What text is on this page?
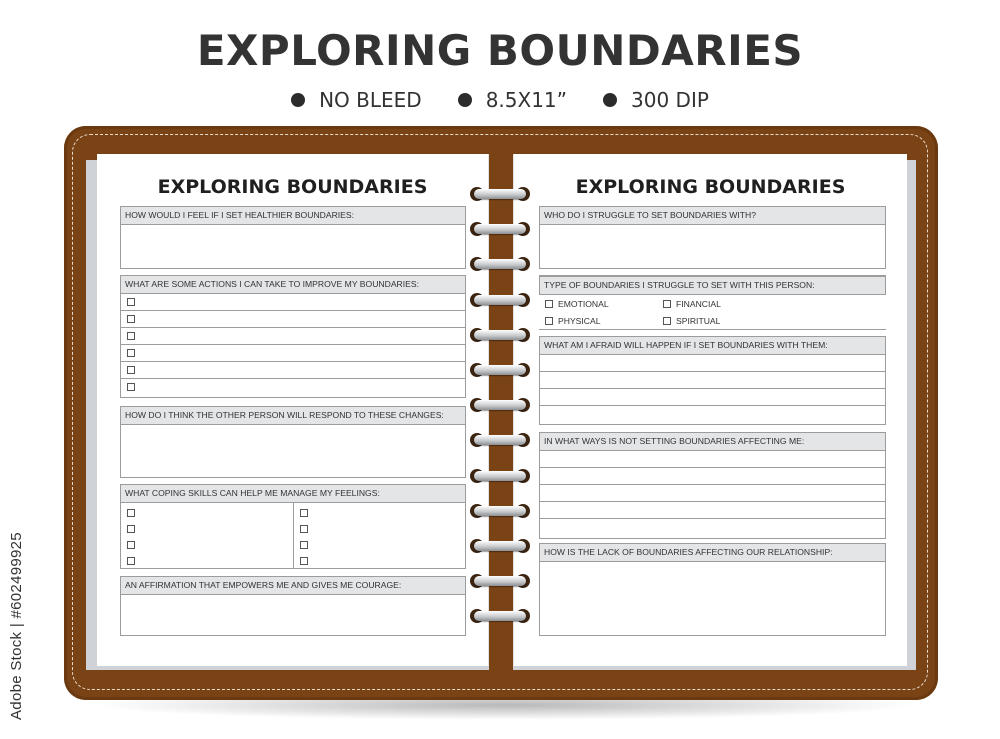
EXPLORING BOUNDARIES
NO BLEED	8.5X11”	300 DIP
EXPLORING BOUNDARIES
HOW WOULD I FEEL IF I SET HEALTHIER BOUNDARIES:
WHAT ARE SOME ACTIONS I CAN TAKE TO IMPROVE MY BOUNDARIES:
HOW DO I THINK THE OTHER PERSON WILL RESPOND TO THESE CHANGES:
WHAT COPING SKILLS CAN HELP ME MANAGE MY FEELINGS:
AN AFFIRMATION THAT EMPOWERS ME AND GIVES ME COURAGE:
EXPLORING BOUNDARIES
WHO DO I STRUGGLE TO SET BOUNDARIES WITH?
TYPE OF BOUNDARIES I STRUGGLE TO SET WITH THIS PERSON:
EMOTIONAL	FINANCIAL
PHYSICAL	SPIRITUAL
WHAT AM I AFRAID WILL HAPPEN IF I SET BOUNDARIES WITH THEM:
IN WHAT WAYS IS NOT SETTING BOUNDARIES AFFECTING ME:
HOW IS THE LACK OF BOUNDARIES AFFECTING OUR RELATIONSHIP:
Adobe Stock | #602499925
